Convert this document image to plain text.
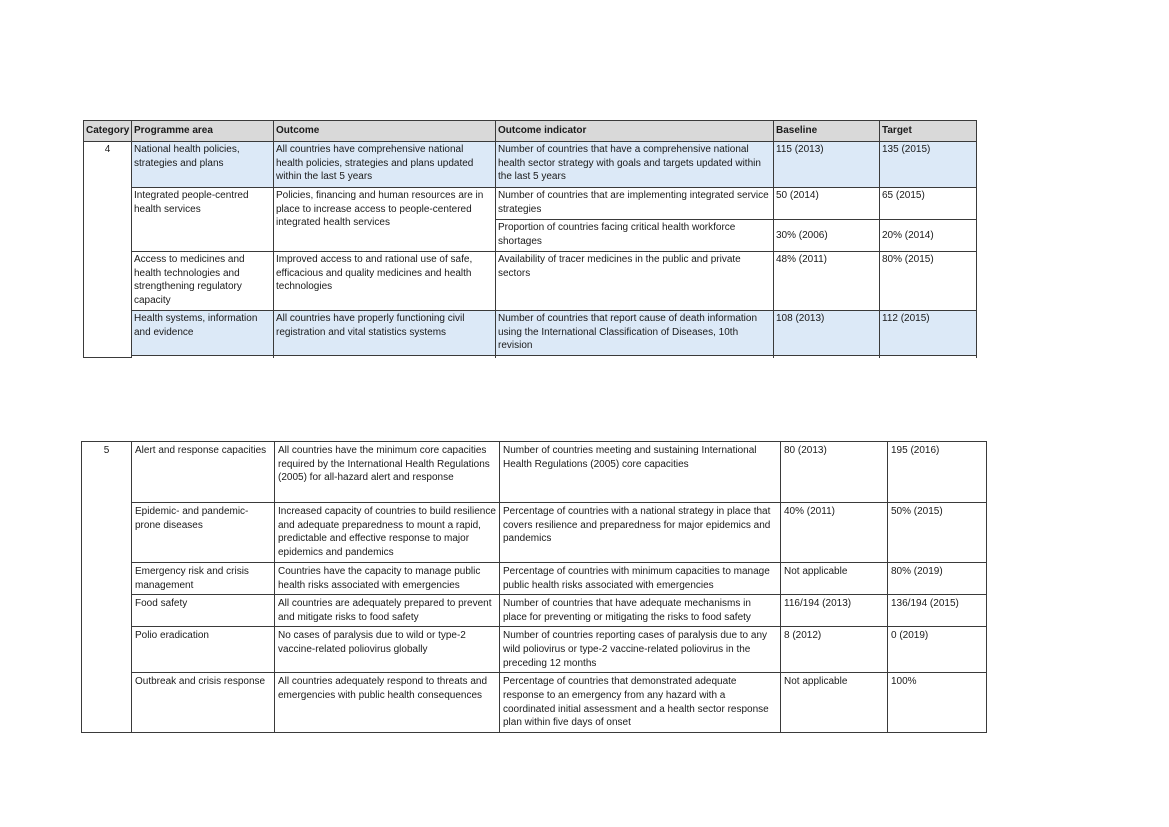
Category	Programme area	Outcome	Outcome indicator	Baseline	Target
4	National health policies, strategies and plans	All countries have comprehensive national health policies, strategies and plans updated within the last 5 years	Number of countries that have a comprehensive national health sector strategy with goals and targets updated within the last 5 years	115 (2013)	135 (2015)
	Integrated people-centred health services	Policies, financing and human resources are in place to increase access to people-centered integrated health services	Number of countries that are implementing integrated service strategies	50 (2014)	65 (2015)
			Proportion of countries facing critical health workforce shortages	30% (2006)	20% (2014)
	Access to medicines and health technologies and strengthening regulatory capacity	Improved access to and rational use of safe, efficacious and quality medicines and health technologies	Availability of tracer medicines in the public and private sectors	48% (2011)	80% (2015)
	Health systems, information and evidence	All countries have properly functioning civil registration and vital statistics systems	Number of countries that report cause of death information using the International Classification of Diseases, 10th revision	108 (2013)	112 (2015)

5	Alert and response capacities	All countries have the minimum core capacities required by the International Health Regulations (2005) for all-hazard alert and response	Number of countries meeting and sustaining International Health Regulations (2005) core capacities	80 (2013)	195 (2016)
	Epidemic- and pandemic-prone diseases	Increased capacity of countries to build resilience and adequate preparedness to mount a rapid, predictable and effective response to major epidemics and pandemics	Percentage of countries with a national strategy in place that covers resilience and preparedness for major epidemics and pandemics	40% (2011)	50% (2015)
	Emergency risk and crisis management	Countries have the capacity to manage public health risks associated with emergencies	Percentage of countries with minimum capacities to manage public health risks associated with emergencies	Not applicable	80% (2019)
	Food safety	All countries are adequately prepared to prevent and mitigate risks to food safety	Number of countries that have adequate mechanisms in place for preventing or mitigating the risks to food safety	116/194 (2013)	136/194 (2015)
	Polio eradication	No cases of paralysis due to wild or type-2 vaccine-related poliovirus globally	Number of countries reporting cases of paralysis due to any wild poliovirus or type-2 vaccine-related poliovirus in the preceding 12 months	8 (2012)	0 (2019)
	Outbreak and crisis response	All countries adequately respond to threats and emergencies with public health consequences	Percentage of countries that demonstrated adequate response to an emergency from any hazard with a coordinated initial assessment and a health sector response plan within five days of onset	Not applicable	100%
